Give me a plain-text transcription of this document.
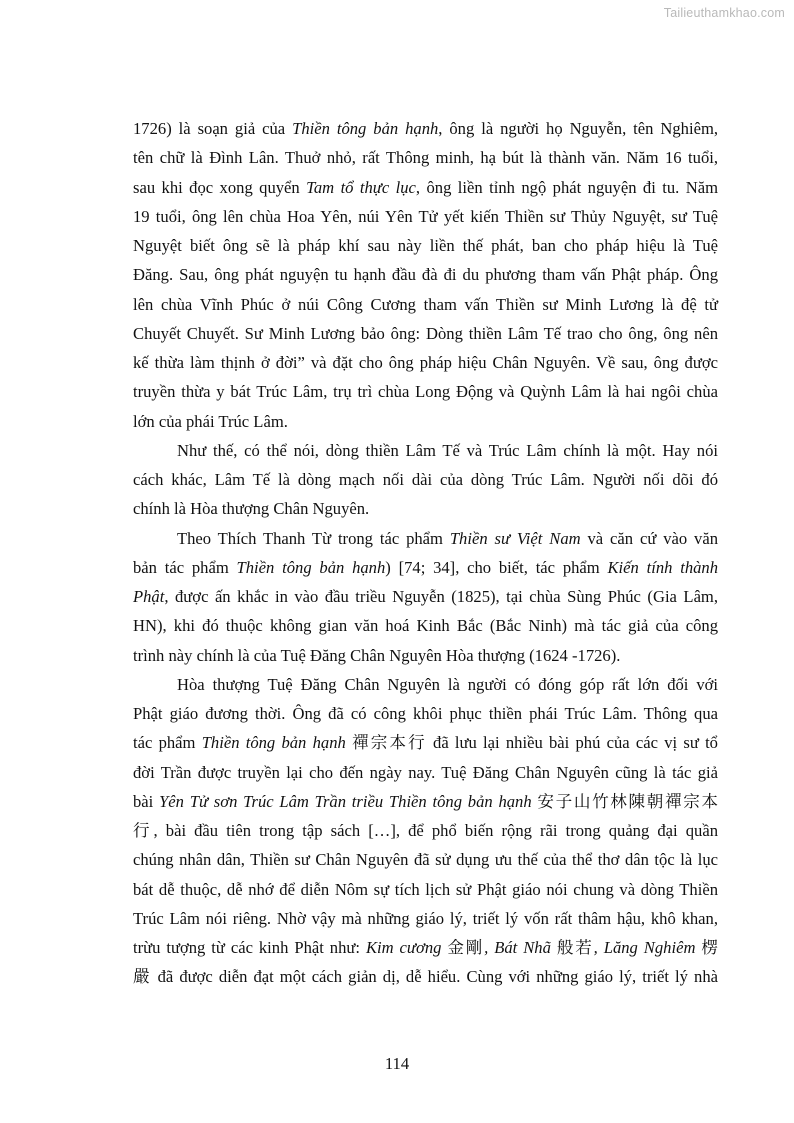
Tailieuthamkhao.com
1726) là soạn giả của Thiền tông bản hạnh, ông là người họ Nguyễn, tên Nghiêm,
tên chữ là Đình Lân. Thuở nhỏ, rất Thông minh, hạ bút là thành văn. Năm 16 tuổi,
sau khi đọc xong quyển Tam tổ thực lục, ông liền tỉnh ngộ phát nguyện đi tu. Năm
19 tuổi, ông lên chùa Hoa Yên, núi Yên Tử yết kiến Thiền sư Thủy Nguyệt, sư Tuệ
Nguyệt biết ông sẽ là pháp khí sau này liền thế phát, ban cho pháp hiệu là Tuệ
Đăng. Sau, ông phát nguyện tu hạnh đầu đà đi du phương tham vấn Phật pháp. Ông
lên chùa Vĩnh Phúc ở núi Công Cương tham vấn Thiền sư Minh Lương là đệ tử
Chuyết Chuyết. Sư Minh Lương bảo ông: Dòng thiền Lâm Tế trao cho ông, ông nên
kế thừa làm thịnh ở đời” và đặt cho ông pháp hiệu Chân Nguyên. Về sau, ông được
truyền thừa y bát Trúc Lâm, trụ trì chùa Long Động và Quỳnh Lâm là hai ngôi chùa
lớn của phái Trúc Lâm.
Như thế, có thể nói, dòng thiền Lâm Tế và Trúc Lâm chính là một. Hay nói
cách khác, Lâm Tế là dòng mạch nối dài của dòng Trúc Lâm. Người nối dõi đó
chính là Hòa thượng Chân Nguyên.
Theo Thích Thanh Từ trong tác phẩm Thiền sư Việt Nam và căn cứ vào văn
bản tác phẩm Thiền tông bản hạnh) [74; 34], cho biết, tác phẩm Kiến tính thành
Phật, được ấn khắc in vào đầu triều Nguyễn (1825), tại chùa Sùng Phúc (Gia Lâm,
HN), khi đó thuộc không gian văn hoá Kinh Bắc (Bắc Ninh) mà tác giả của công
trình này chính là của Tuệ Đăng Chân Nguyên Hòa thượng (1624 -1726).
Hòa thượng Tuệ Đăng Chân Nguyên là người có đóng góp rất lớn đối với
Phật giáo đương thời. Ông đã có công khôi phục thiền phái Trúc Lâm. Thông qua
tác phẩm Thiền tông bản hạnh 禪宗本行 đã lưu lại nhiều bài phú của các vị sư tổ
đời Trần được truyền lại cho đến ngày nay. Tuệ Đăng Chân Nguyên cũng là tác giả
bài Yên Tử sơn Trúc Lâm Trần triều Thiền tông bản hạnh 安子山竹林陳朝禪宗本
行, bài đầu tiên trong tập sách […], để phổ biến rộng rãi trong quảng đại quần
chúng nhân dân, Thiền sư Chân Nguyên đã sử dụng ưu thế của thể thơ dân tộc là lục
bát dễ thuộc, dễ nhớ để diễn Nôm sự tích lịch sử Phật giáo nói chung và dòng Thiền
Trúc Lâm nói riêng. Nhờ vậy mà những giáo lý, triết lý vốn rất thâm hậu, khô khan,
trừu tượng từ các kinh Phật như: Kim cương 金剛, Bát Nhã 般若, Lăng Nghiêm 楞
嚴 đã được diễn đạt một cách giản dị, dễ hiểu. Cùng với những giáo lý, triết lý nhà
114
